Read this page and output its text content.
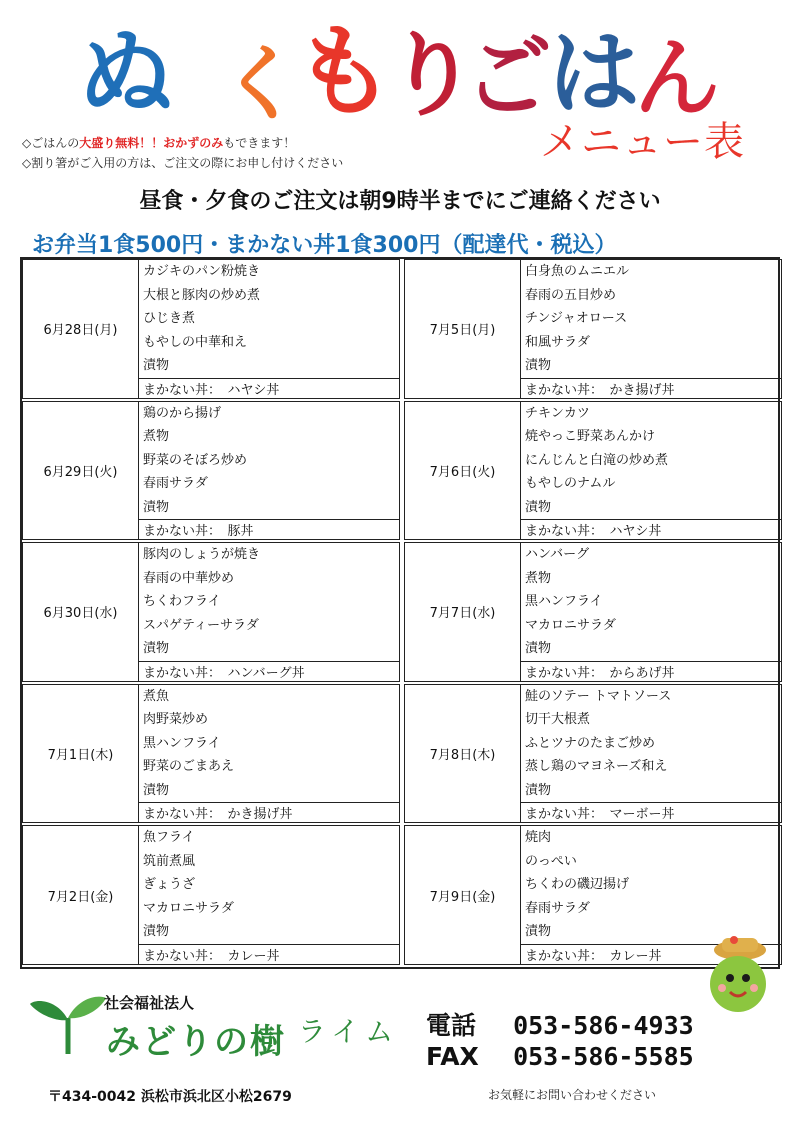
ぬ く
も
り
ご
は
ん
メニュー表
◇ごはんの大盛り無料！！おかずのみもできます！
◇割り箸がご入用の方は、ご注文の際にお申し付けください
昼食・夕食のご注文は朝9時半までにご連絡ください
お弁当1食500円・まかない丼1食300円（配達代・税込）
6月28日(月)
カジキのパン粉焼き
大根と豚肉の炒め煮
ひじき煮
もやしの中華和え
漬物
まかない丼：　ハヤシ丼
6月29日(火)
鶏のから揚げ
煮物
野菜のそぼろ炒め
春雨サラダ
漬物
まかない丼：　豚丼
6月30日(水)
豚肉のしょうが焼き
春雨の中華炒め
ちくわフライ
スパゲティーサラダ
漬物
まかない丼：　ハンバーグ丼
7月1日(木)
煮魚
肉野菜炒め
黒ハンフライ
野菜のごまあえ
漬物
まかない丼：　かき揚げ丼
7月2日(金)
魚フライ
筑前煮風
ぎょうざ
マカロニサラダ
漬物
まかない丼：　カレー丼
7月5日(月)
白身魚のムニエル
春雨の五目炒め
チンジャオロース
和風サラダ
漬物
まかない丼：　かき揚げ丼
7月6日(火)
チキンカツ
焼やっこ野菜あんかけ
にんじんと白滝の炒め煮
もやしのナムル
漬物
まかない丼：　ハヤシ丼
7月7日(水)
ハンバーグ
煮物
黒ハンフライ
マカロニサラダ
漬物
まかない丼：　からあげ丼
7月8日(木)
鮭のソテー トマトソース
切干大根煮
ふとツナのたまご炒め
蒸し鶏のマヨネーズ和え
漬物
まかない丼：　マーボー丼
7月9日(金)
焼肉
のっぺい
ちくわの磯辺揚げ
春雨サラダ
漬物
まかない丼：　カレー丼
社会福祉法人
みどりの樹 ライム 電話 053-586-4933
FAX 053-586-5585
〒434-0042 浜松市浜北区小松2679	お気軽にお問い合わせください
